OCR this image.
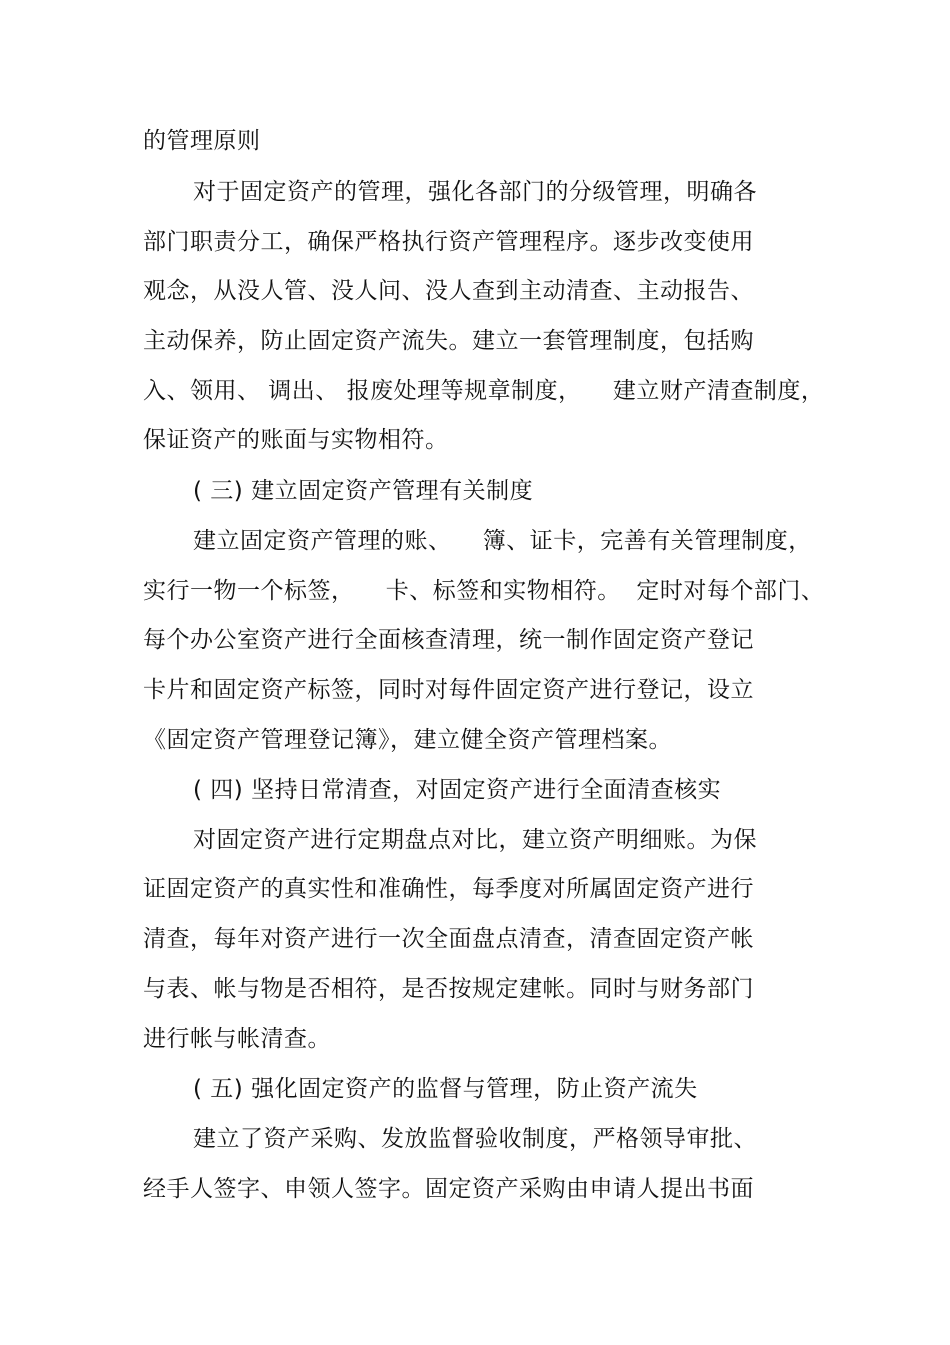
的管理原则
对于固定资产的管理，强化各部门的分级管理，明确各
部门职责分工，确保严格执行资产管理程序。逐步改变使用
观念，从没人管、没人问、没人查到主动清查、主动报告、
主动保养，防止固定资产流失。建立一套管理制度，包括购
入、领用、 调出、 报废处理等规章制度，    建立财产清查制度，
保证资产的账面与实物相符。
( 三) 建立固定资产管理有关制度
建立固定资产管理的账、    簿、证卡，完善有关管理制度，
实行一物一个标签，    卡、标签和实物相符。  定时对每个部门、
每个办公室资产进行全面核查清理，统一制作固定资产登记
卡片和固定资产标签，同时对每件固定资产进行登记，设立
《固定资产管理登记簿》，建立健全资产管理档案。
( 四) 坚持日常清查，对固定资产进行全面清查核实
对固定资产进行定期盘点对比，建立资产明细账。为保
证固定资产的真实性和准确性，每季度对所属固定资产进行
清查，每年对资产进行一次全面盘点清查，清查固定资产帐
与表、帐与物是否相符，是否按规定建帐。同时与财务部门
进行帐与帐清查。
( 五) 强化固定资产的监督与管理，防止资产流失
建立了资产采购、发放监督验收制度，严格领导审批、
经手人签字、申领人签字。固定资产采购由申请人提出书面
